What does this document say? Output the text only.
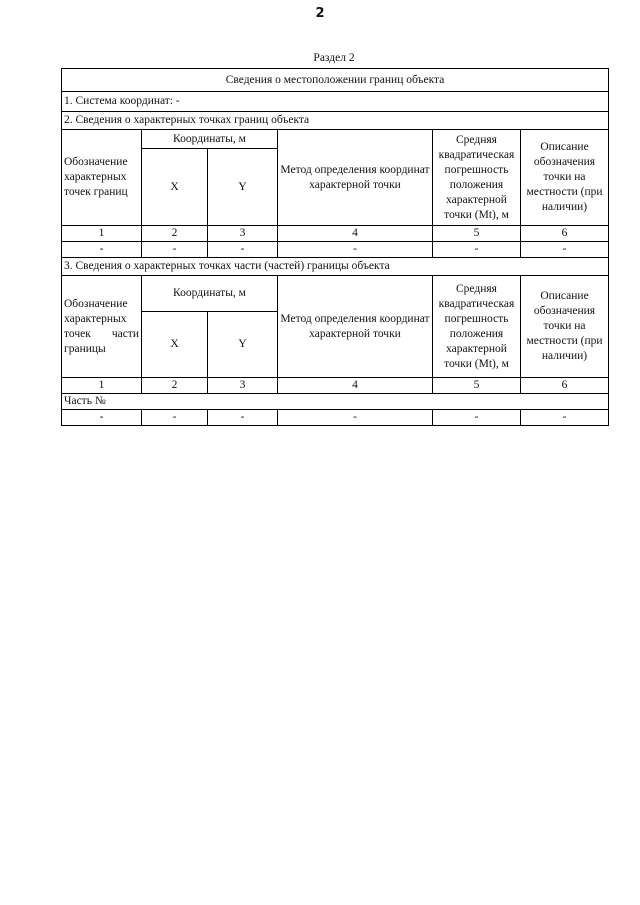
2
Раздел 2
Сведения о местоположении границ объекта					
1. Система координат: -					
2. Сведения о характерных точках границ объекта					
Обозначение характерных точек границ	Координаты, м		Метод определения координат характерной точки	Средняя квадратическая погрешность положения характерной точки (Mt), м	Описание обозначения точки на местности (при наличии)
	X	Y			
1	2	3	4	5	6
-	-	-	-	-	-
3. Сведения о характерных точках части (частей) границы объекта					

Обозначение
характерных
точек части
границы	Координаты, м		Метод определения координат характерной точки	Средняя квадратическая погрешность положения характерной точки (Mt), м	Описание обозначения точки на местности (при наличии)
	X	Y			
1	2	3	4	5	6
Часть №					
-	-	-	-	-	-
